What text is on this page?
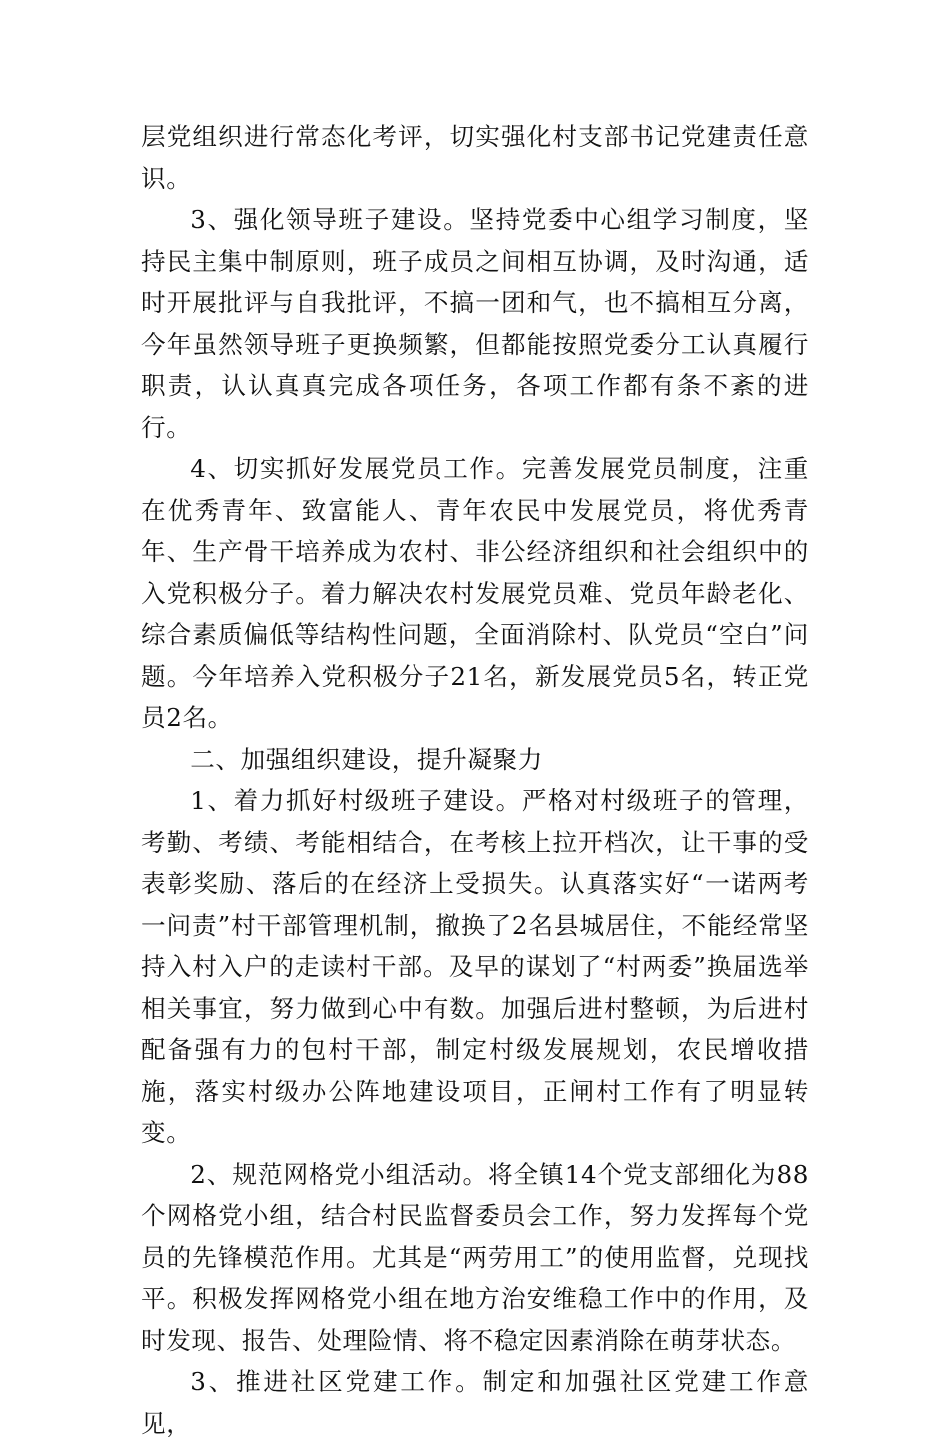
层党组织进行常态化考评，切实强化村支部书记党建责任意识。

3、强化领导班子建设。坚持党委中心组学习制度，坚持民主集中制原则，班子成员之间相互协调，及时沟通，适时开展批评与自我批评，不搞一团和气，也不搞相互分离，今年虽然领导班子更换频繁，但都能按照党委分工认真履行职责，认认真真完成各项任务，各项工作都有条不紊的进行。

4、切实抓好发展党员工作。完善发展党员制度，注重在优秀青年、致富能人、青年农民中发展党员，将优秀青年、生产骨干培养成为农村、非公经济组织和社会组织中的入党积极分子。着力解决农村发展党员难、党员年龄老化、综合素质偏低等结构性问题，全面消除村、队党员“空白”问题。今年培养入党积极分子21名，新发展党员5名，转正党员2名。

二、加强组织建设，提升凝聚力

1、着力抓好村级班子建设。严格对村级班子的管理，考勤、考绩、考能相结合，在考核上拉开档次，让干事的受表彰奖励、落后的在经济上受损失。认真落实好“一诺两考一问责”村干部管理机制，撤换了2名县城居住，不能经常坚持入村入户的走读村干部。及早的谋划了“村两委”换届选举相关事宜，努力做到心中有数。加强后进村整顿，为后进村配备强有力的包村干部，制定村级发展规划，农民增收措施，落实村级办公阵地建设项目，正闸村工作有了明显转变。

2、规范网格党小组活动。将全镇14个党支部细化为88个网格党小组，结合村民监督委员会工作，努力发挥每个党员的先锋模范作用。尤其是“两劳用工”的使用监督，兑现找平。积极发挥网格党小组在地方治安维稳工作中的作用，及时发现、报告、处理险情、将不稳定因素消除在萌芽状态。

3、推进社区党建工作。制定和加强社区党建工作意见，
